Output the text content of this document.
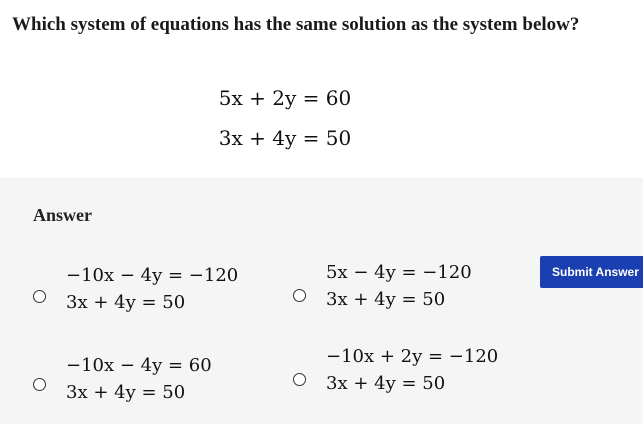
Which system of equations has the same solution as the system below?
5x + 2y = 60
3x + 4y = 50
Answer
−10x − 4y = −120
3x + 4y = 50
5x − 4y = −120
3x + 4y = 50
−10x − 4y = 60
3x + 4y = 50
−10x + 2y = −120
3x + 4y = 50
Submit Answer
